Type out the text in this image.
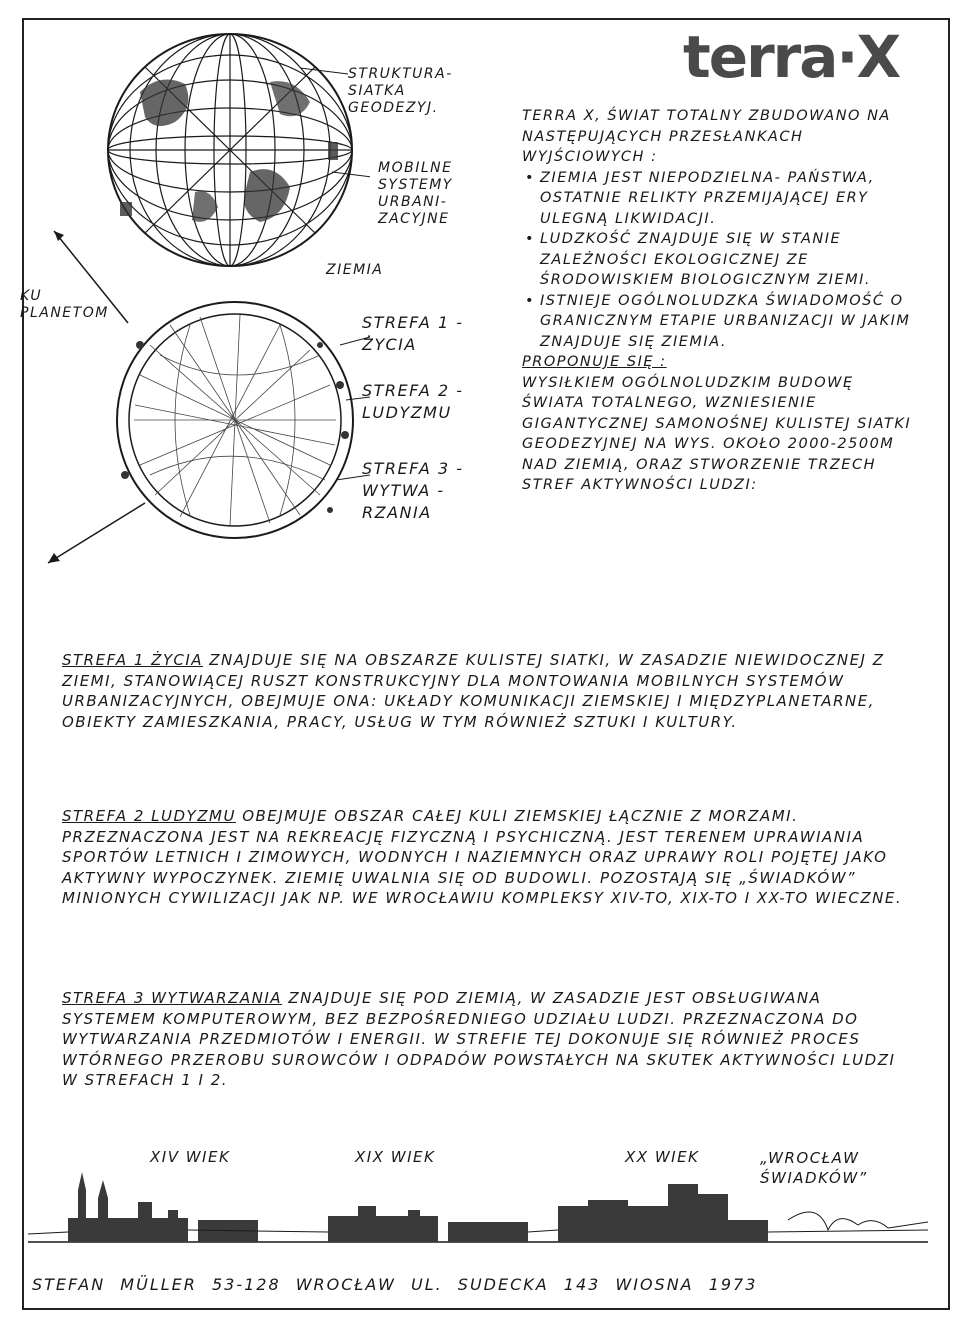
terra·X
STRUKTURA- SIATKA GEODEZYJ.
MOBILNE SYSTEMY URBANI- ZACYJNE
ZIEMIA
KU PLANETOM	STREFA 1 - ŻYCIA
STREFA 2 -LUDYZMU
STREFA 3 - WYTWA - RZANIA

TERRA X, ŚWIAT TOTALNY ZBUDOWANO NA NASTĘPUJĄCYCH PRZESŁANKACH WYJŚCIOWYCH :

• ZIEMIA JEST NIEPODZIELNA- PAŃSTWA, OSTATNIE RELIKTY PRZEMIJAJĄCEJ ERY ULEGNĄ LIKWIDACJI.
• LUDZKOŚĆ ZNAJDUJE SIĘ W STANIE ZALEŻNOŚCI EKOLOGICZNEJ ZE ŚRODOWISKIEM BIOLOGICZNYM ZIEMI.
• ISTNIEJE OGÓLNOLUDZKA ŚWIADOMOŚĆ O GRANICZNYM ETAPIE URBANIZACJI W JAKIM ZNAJDUJE SIĘ ZIEMIA.

PROPONUJE SIĘ :

WYSIŁKIEM OGÓLNOLUDZKIM BUDOWĘ ŚWIATA TOTALNEGO, WZNIESIENIE GIGANTYCZNEJ SAMONOŚNEJ KULISTEJ SIATKI GEODEZYJNEJ NA WYS. OKOŁO 2000-2500M NAD ZIEMIĄ, ORAZ STWORZENIE TRZECH STREF AKTYWNOŚCI LUDZI:

STREFA 1 ŻYCIA ZNAJDUJE SIĘ NA OBSZARZE KULISTEJ SIATKI, W ZASADZIE NIEWIDOCZNEJ Z ZIEMI, STANOWIĄCEJ RUSZT KONSTRUKCYJNY DLA MONTOWANIA MOBILNYCH SYSTEMÓW URBANIZACYJNYCH, OBEJMUJE ONA: UKŁADY KOMUNIKACJI ZIEMSKIEJ I MIĘDZYPLANETARNE, OBIEKTY ZAMIESZKANIA, PRACY, USŁUG W TYM RÓWNIEŻ SZTUKI I KULTURY.
STREFA 2 LUDYZMU OBEJMUJE OBSZAR CAŁEJ KULI ZIEMSKIEJ ŁĄCZNIE Z MORZAMI. PRZEZNACZONA JEST NA REKREACJĘ FIZYCZNĄ I PSYCHICZNĄ. JEST TERENEM UPRAWIANIA SPORTÓW LETNICH I ZIMOWYCH, WODNYCH I NAZIEMNYCH ORAZ UPRAWY ROLI POJĘTEJ JAKO AKTYWNY WYPOCZYNEK. ZIEMIĘ UWALNIA SIĘ OD BUDOWLI. POZOSTAJĄ SIĘ „ŚWIADKÓW” MINIONYCH CYWILIZACJI JAK NP. WE WROCŁAWIU KOMPLEKSY XIV-TO, XIX-TO I XX-TO WIECZNE.
STREFA 3 WYTWARZANIA ZNAJDUJE SIĘ POD ZIEMIĄ, W ZASADZIE JEST OBSŁUGIWANA SYSTEMEM KOMPUTEROWYM, BEZ BEZPOŚREDNIEGO UDZIAŁU LUDZI. PRZEZNACZONA DO WYTWARZANIA PRZEDMIOTÓW I ENERGII. W STREFIE TEJ DOKONUJE SIĘ RÓWNIEŻ PROCES WTÓRNEGO PRZEROBU SUROWCÓW I ODPADÓW POWSTAŁYCH NA SKUTEK AKTYWNOŚCI LUDZI W STREFACH 1 I 2.
XIV WIEK	XIX WIEK	XX WIEK	„WROCŁAW ŚWIADKÓW”
STEFAN MÜLLER 53-128 WROCŁAW UL. SUDECKA 143 WIOSNA 1973
